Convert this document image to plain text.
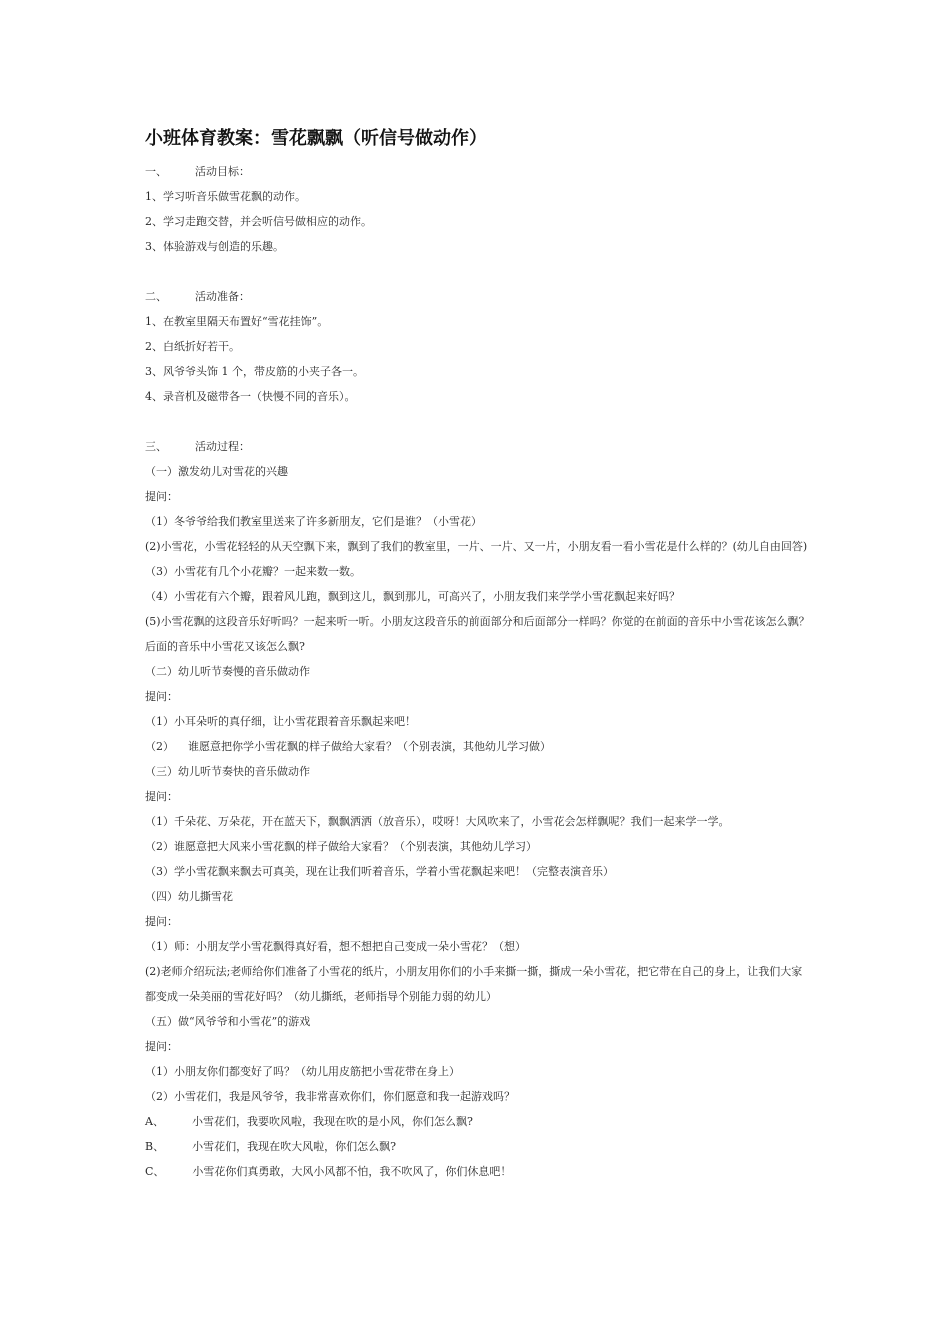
小班体育教案：雪花飘飘（听信号做动作）
一、	活动目标：
1、学习听音乐做雪花飘的动作。
2、学习走跑交替，并会听信号做相应的动作。
3、体验游戏与创造的乐趣。
二、	活动准备：
1、在教室里隔天布置好“雪花挂饰”。
2、白纸折好若干。
3、风爷爷头饰 1 个，带皮筋的小夹子各一。
4、录音机及磁带各一（快慢不同的音乐）。
三、	活动过程：
（一）激发幼儿对雪花的兴趣
提问：
（1）冬爷爷给我们教室里送来了许多新朋友，它们是谁？（小雪花）
(2)小雪花，小雪花轻轻的从天空飘下来，飘到了我们的教室里，一片、一片、又一片，小朋友看一看小雪花是什么样的？(幼儿自由回答)
（3）小雪花有几个小花瓣？一起来数一数。
（4）小雪花有六个瓣，跟着风儿跑，飘到这儿，飘到那儿，可高兴了，小朋友我们来学学小雪花飘起来好吗？
(5)小雪花飘的这段音乐好听吗？一起来听一听。小朋友这段音乐的前面部分和后面部分一样吗？你觉的在前面的音乐中小雪花该怎么飘？
后面的音乐中小雪花又该怎么飘?
（二）幼儿听节奏慢的音乐做动作
提问：
（1）小耳朵听的真仔细，让小雪花跟着音乐飘起来吧！
（2） 谁愿意把你学小雪花飘的样子做给大家看？（个别表演，其他幼儿学习做）
（三）幼儿听节奏快的音乐做动作
提问：
（1）千朵花、万朵花，开在蓝天下，飘飘洒洒（放音乐），哎呀！大风吹来了，小雪花会怎样飘呢？我们一起来学一学。
（2）谁愿意把大风来小雪花飘的样子做给大家看？（个别表演，其他幼儿学习）
（3）学小雪花飘来飘去可真美，现在让我们听着音乐，学着小雪花飘起来吧！（完整表演音乐）
（四）幼儿撕雪花
提问：
（1）师：小朋友学小雪花飘得真好看，想不想把自己变成一朵小雪花？（想）
(2)老师介绍玩法;老师给你们准备了小雪花的纸片，小朋友用你们的小手来撕一撕，撕成一朵小雪花，把它带在自己的身上，让我们大家
都变成一朵美丽的雪花好吗？（幼儿撕纸，老师指导个别能力弱的幼儿）
（五）做“风爷爷和小雪花”的游戏
提问：
（1）小朋友你们都变好了吗？（幼儿用皮筋把小雪花带在身上）
（2）小雪花们，我是风爷爷，我非常喜欢你们，你们愿意和我一起游戏吗？
A、	小雪花们，我要吹风啦，我现在吹的是小风，你们怎么飘?
B、	小雪花们，我现在吹大风啦，你们怎么飘?
C、	小雪花你们真勇敢，大风小风都不怕，我不吹风了，你们休息吧！
